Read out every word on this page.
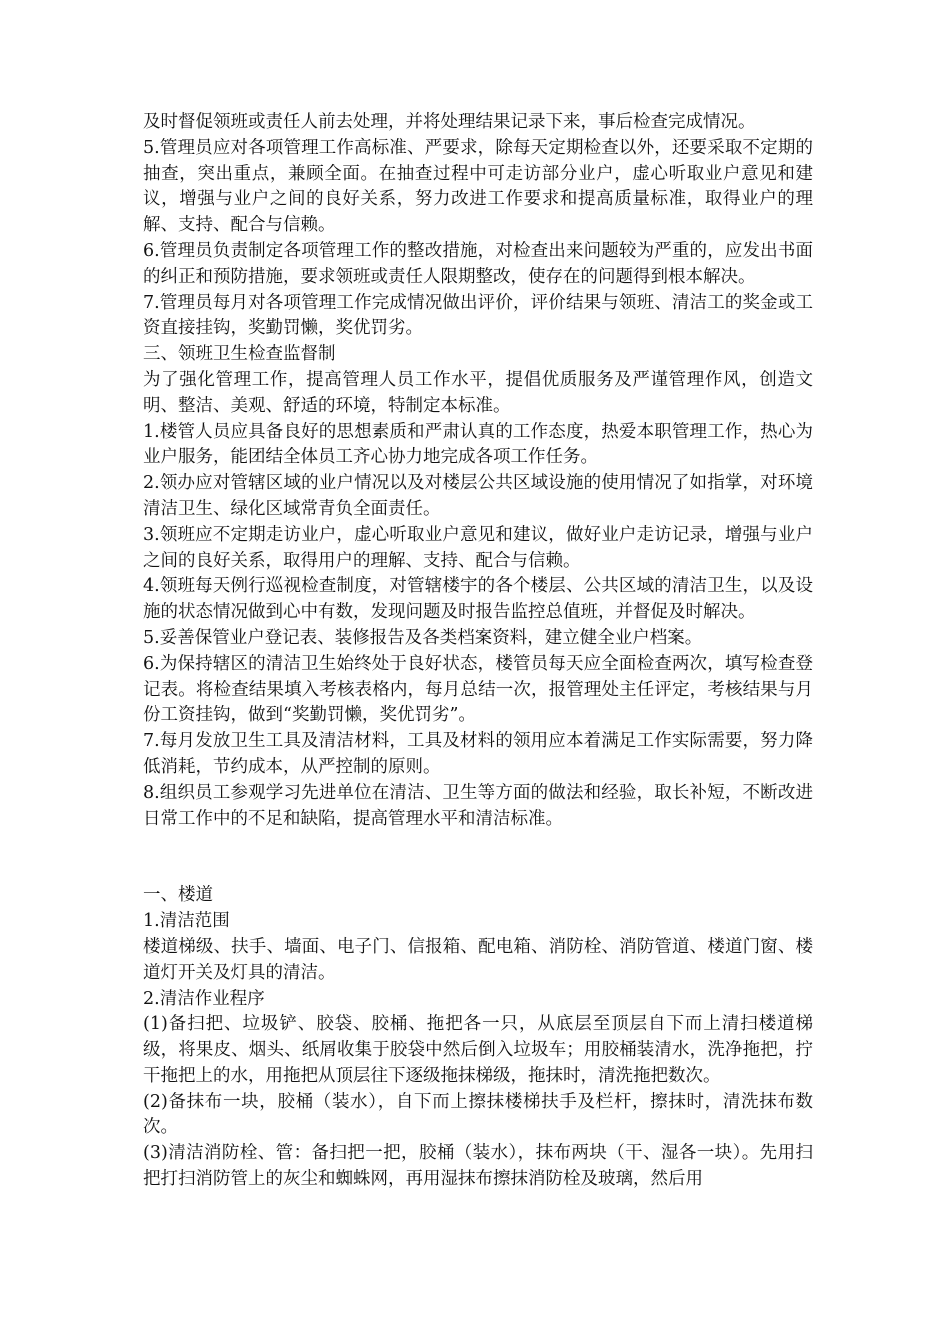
及时督促领班或责任人前去处理，并将处理结果记录下来，事后检查完成情况。

5.管理员应对各项管理工作高标准、严要求，除每天定期检查以外，还要采取不定期的抽查，突出重点，兼顾全面。在抽查过程中可走访部分业户，虚心听取业户意见和建议，增强与业户之间的良好关系，努力改进工作要求和提高质量标准，取得业户的理解、支持、配合与信赖。

6.管理员负责制定各项管理工作的整改措施，对检查出来问题较为严重的，应发出书面的纠正和预防措施，要求领班或责任人限期整改，使存在的问题得到根本解决。

7.管理员每月对各项管理工作完成情况做出评价，评价结果与领班、清洁工的奖金或工资直接挂钩，奖勤罚懒，奖优罚劣。

三、领班卫生检查监督制

为了强化管理工作，提高管理人员工作水平，提倡优质服务及严谨管理作风，创造文明、整洁、美观、舒适的环境，特制定本标准。

1.楼管人员应具备良好的思想素质和严肃认真的工作态度，热爱本职管理工作，热心为业户服务，能团结全体员工齐心协力地完成各项工作任务。

2.领办应对管辖区域的业户情况以及对楼层公共区域设施的使用情况了如指掌，对环境清洁卫生、绿化区域常青负全面责任。

3.领班应不定期走访业户，虚心听取业户意见和建议，做好业户走访记录，增强与业户之间的良好关系，取得用户的理解、支持、配合与信赖。

4.领班每天例行巡视检查制度，对管辖楼宇的各个楼层、公共区域的清洁卫生，以及设施的状态情况做到心中有数，发现问题及时报告监控总值班，并督促及时解决。

5.妥善保管业户登记表、装修报告及各类档案资料，建立健全业户档案。

6.为保持辖区的清洁卫生始终处于良好状态，楼管员每天应全面检查两次，填写检查登记表。将检查结果填入考核表格内，每月总结一次，报管理处主任评定，考核结果与月份工资挂钩，做到“奖勤罚懒，奖优罚劣”。

7.每月发放卫生工具及清洁材料，工具及材料的领用应本着满足工作实际需要，努力降低消耗，节约成本，从严控制的原则。

8.组织员工参观学习先进单位在清洁、卫生等方面的做法和经验，取长补短，不断改进日常工作中的不足和缺陷，提高管理水平和清洁标准。

一、楼道

1.清洁范围

楼道梯级、扶手、墙面、电子门、信报箱、配电箱、消防栓、消防管道、楼道门窗、楼道灯开关及灯具的清洁。

2.清洁作业程序

(1)备扫把、垃圾铲、胶袋、胶桶、拖把各一只，从底层至顶层自下而上清扫楼道梯级，将果皮、烟头、纸屑收集于胶袋中然后倒入垃圾车；用胶桶装清水，洗净拖把，拧干拖把上的水，用拖把从顶层往下逐级拖抹梯级，拖抹时，清洗拖把数次。

(2)备抹布一块，胶桶（装水），自下而上擦抹楼梯扶手及栏杆，擦抹时，清洗抹布数次。

(3)清洁消防栓、管：备扫把一把，胶桶（装水），抹布两块（干、湿各一块）。先用扫把打扫消防管上的灰尘和蜘蛛网，再用湿抹布擦抹消防栓及玻璃，然后用
